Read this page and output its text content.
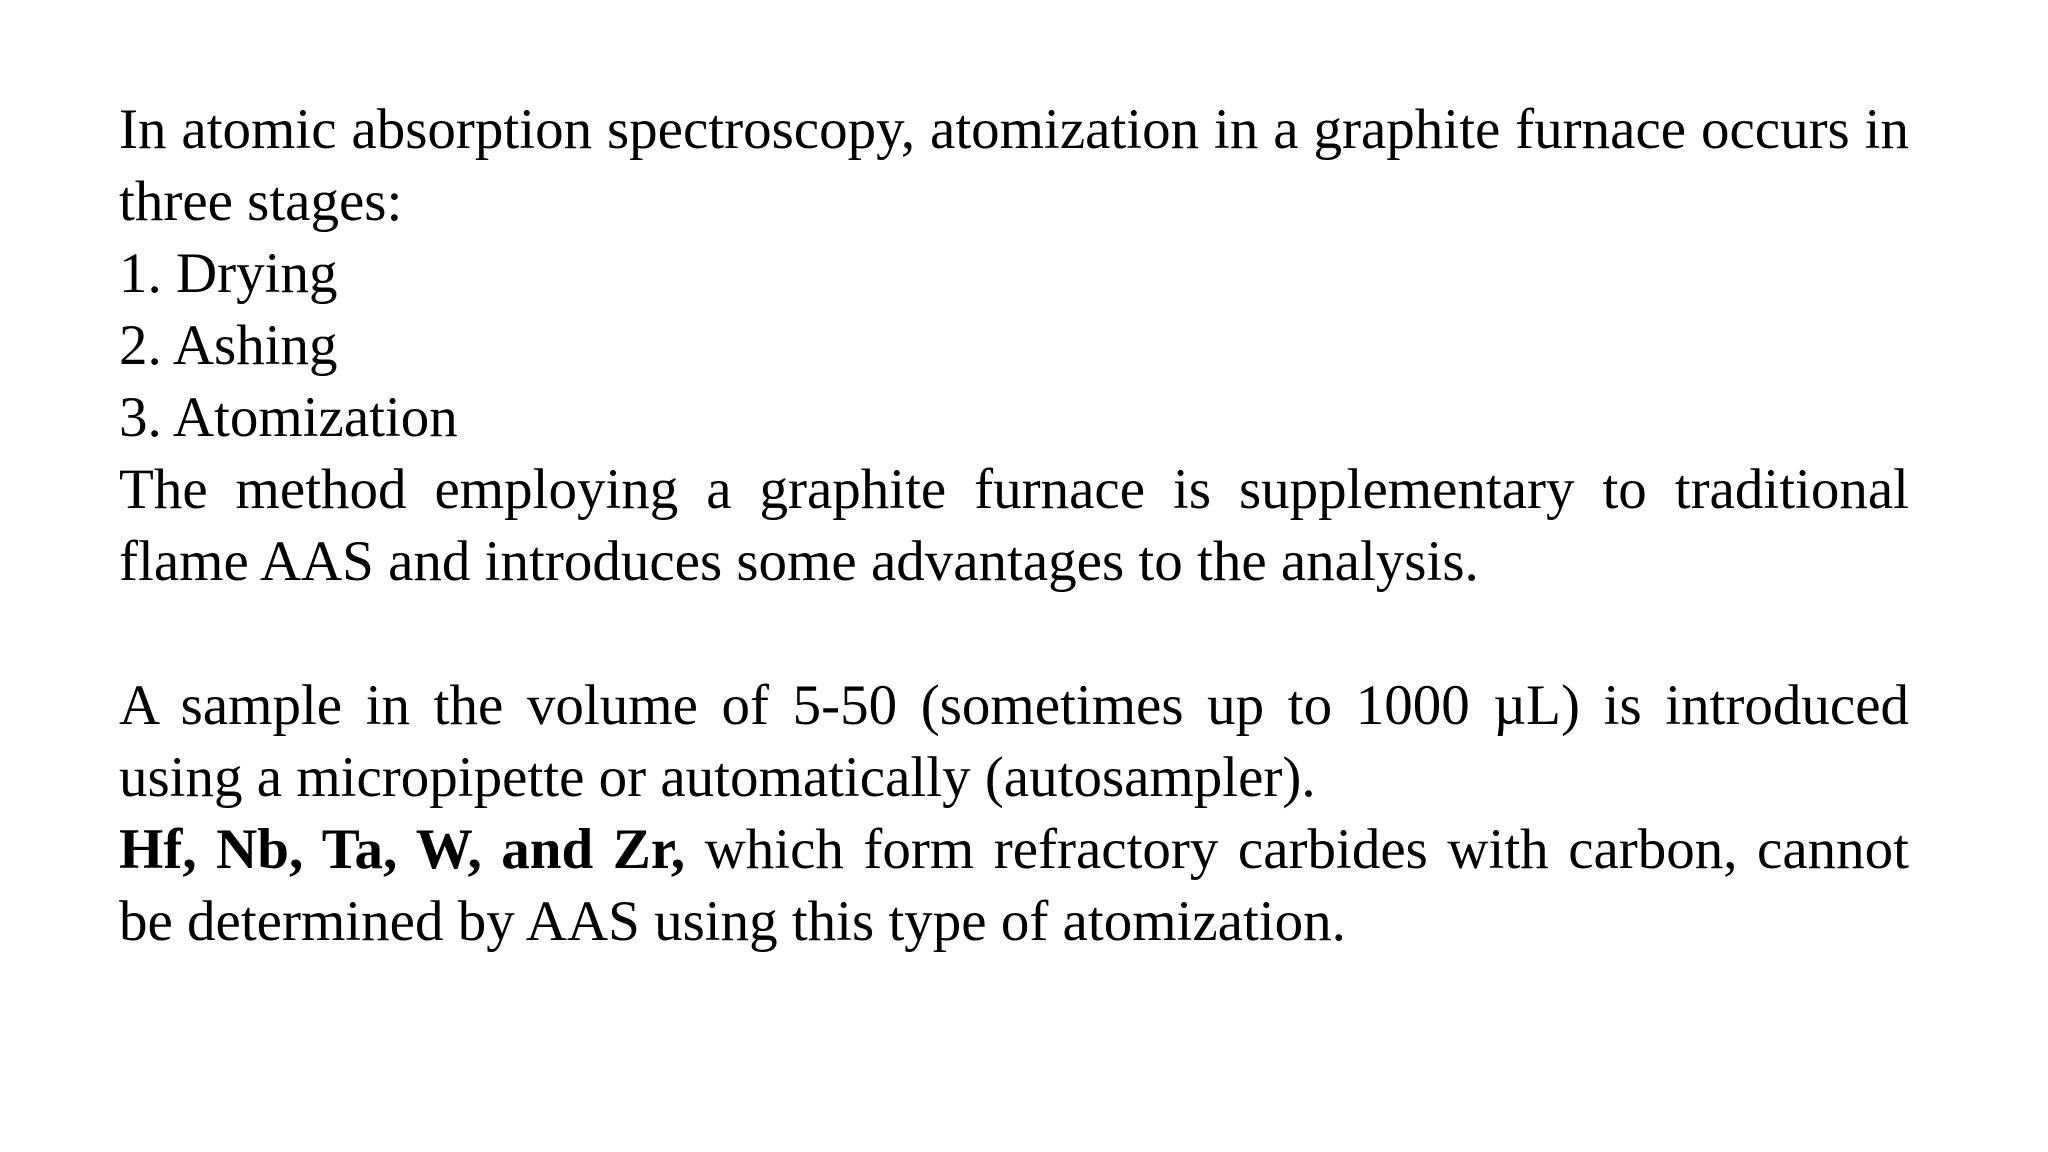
In atomic absorption spectroscopy, atomization in a graphite furnace occurs in three stages:

1. Drying
2. Ashing
3. Atomization

The method employing a graphite furnace is supplementary to traditional flame AAS and introduces some advantages to the analysis.

A sample in the volume of 5-50 (sometimes up to 1000 µL) is introduced using a micropipette or automatically (autosampler).

Hf, Nb, Ta, W, and Zr, which form refractory carbides with carbon, cannot be determined by AAS using this type of atomization.
